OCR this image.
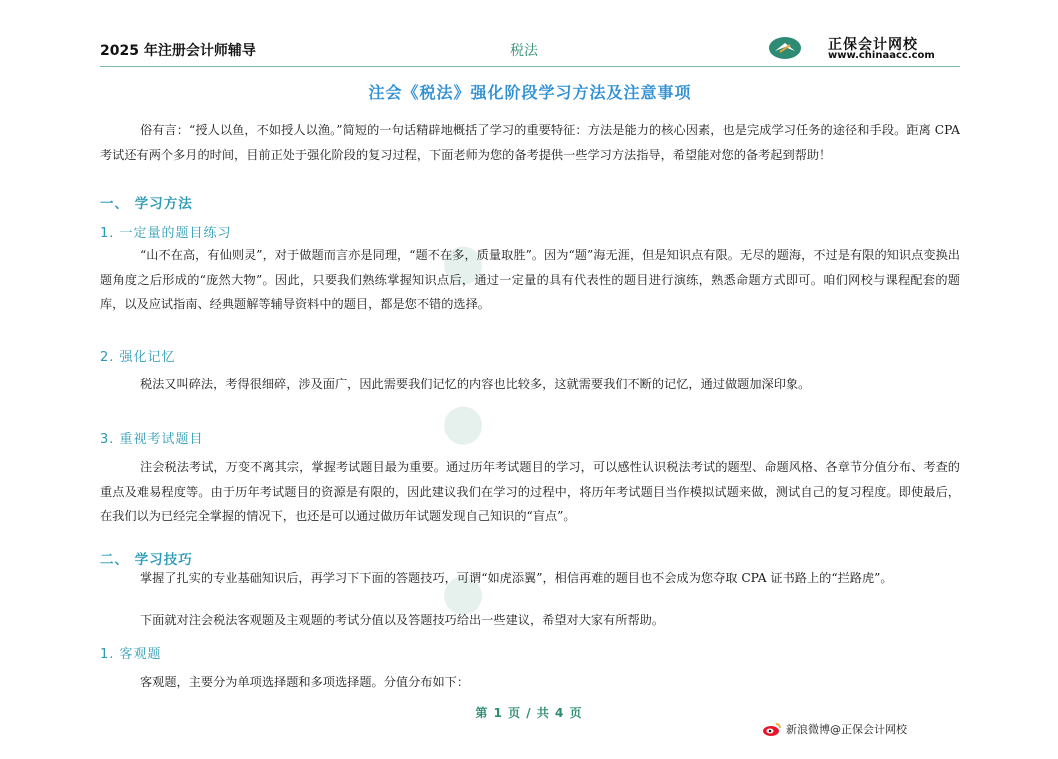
2025 年注册会计师辅导	税法	正保会计网校
www.chinaacc.com
注会《税法》强化阶段学习方法及注意事项

俗有言：“授人以鱼，不如授人以渔。”简短的一句话精辟地概括了学习的重要特征：方法是能力的核心因素，也是完成学习任务的途径和手段。距离 CPA 考试还有两个多月的时间，目前正处于强化阶段的复习过程，下面老师为您的备考提供一些学习方法指导，希望能对您的备考起到帮助！

一、 学习方法
1. 一定量的题目练习

“山不在高，有仙则灵”，对于做题而言亦是同理，“题不在多，质量取胜”。因为“题”海无涯，但是知识点有限。无尽的题海，不过是有限的知识点变换出题角度之后形成的“庞然大物”。因此，只要我们熟练掌握知识点后，通过一定量的具有代表性的题目进行演练，熟悉命题方式即可。咱们网校与课程配套的题库，以及应试指南、经典题解等辅导资料中的题目，都是您不错的选择。

2. 强化记忆

税法又叫碎法，考得很细碎，涉及面广，因此需要我们记忆的内容也比较多，这就需要我们不断的记忆，通过做题加深印象。

3. 重视考试题目

注会税法考试，万变不离其宗，掌握考试题目最为重要。通过历年考试题目的学习，可以感性认识税法考试的题型、命题风格、各章节分值分布、考查的重点及难易程度等。由于历年考试题目的资源是有限的，因此建议我们在学习的过程中，将历年考试题目当作模拟试题来做，测试自己的复习程度。即使最后，在我们以为已经完全掌握的情况下，也还是可以通过做历年试题发现自己知识的“盲点”。

二、 学习技巧

掌握了扎实的专业基础知识后，再学习下下面的答题技巧，可谓“如虎添翼”，相信再难的题目也不会成为您夺取 CPA 证书路上的“拦路虎”。

下面就对注会税法客观题及主观题的考试分值以及答题技巧给出一些建议，希望对大家有所帮助。

1. 客观题

客观题，主要分为单项选择题和多项选择题。分值分布如下：

第 1 页 / 共 4 页
新浪微博@正保会计网校
